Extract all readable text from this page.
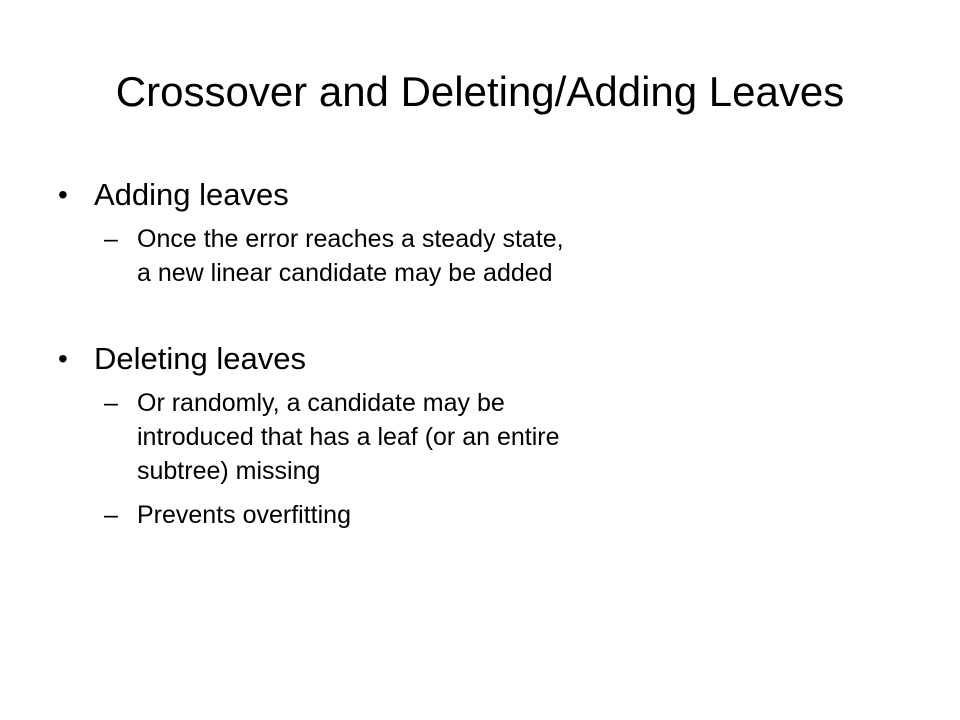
Crossover and Deleting/Adding Leaves
• Adding leaves
– Once the error reaches a steady state,
a new linear candidate may be added
• Deleting leaves
– Or randomly, a candidate may be
introduced that has a leaf (or an entire
subtree) missing
– Prevents overfitting
